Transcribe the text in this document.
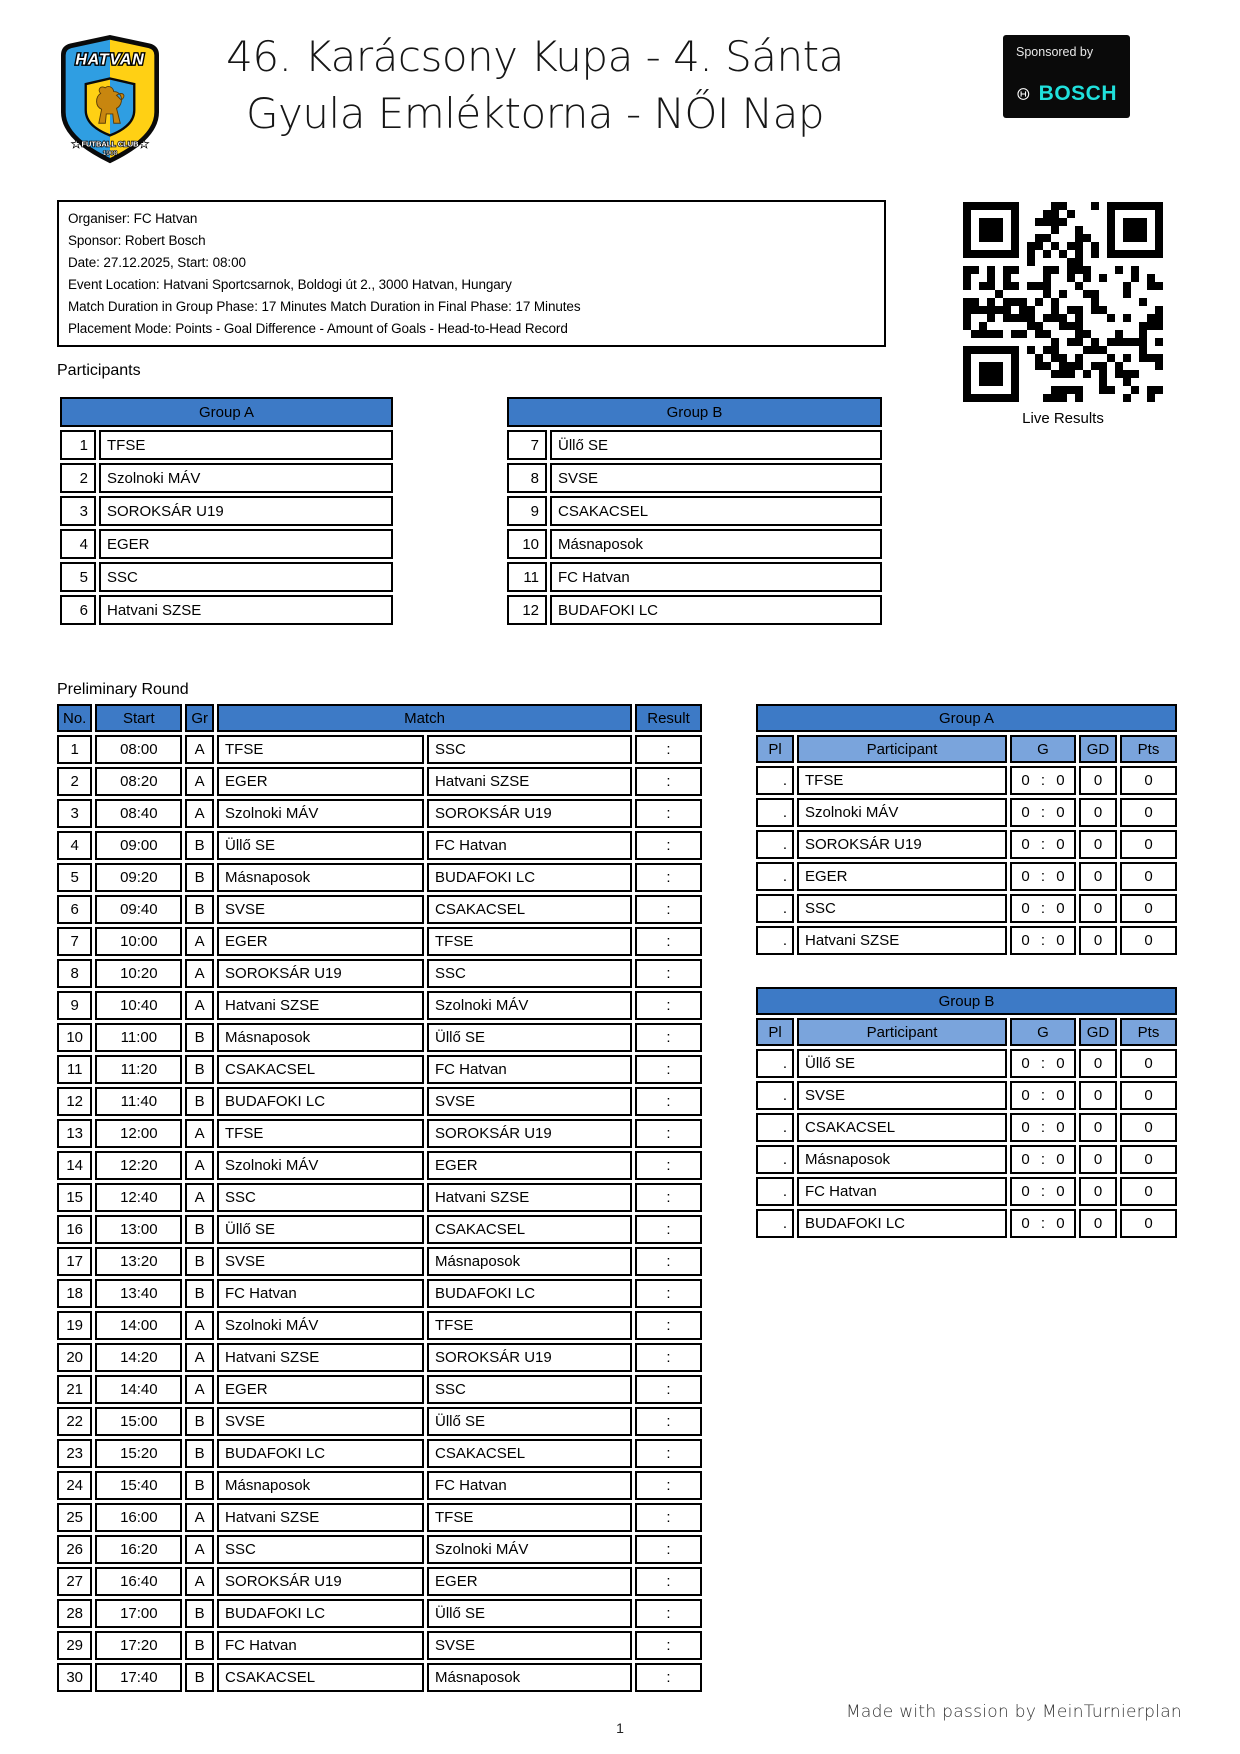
HATVAN
★ FUTBALL CLUB ★
1908
46. Karácsony Kupa - 4. Sánta
Gyula Emléktorna - NŐI Nap
Sponsored by
BOSCH
Organiser: FC Hatvan
Sponsor: Robert Bosch
Date: 27.12.2025, Start: 08:00
Event Location: Hatvani Sportcsarnok, Boldogi út 2., 3000 Hatvan, Hungary
Match Duration in Group Phase: 17 Minutes Match Duration in Final Phase: 17 Minutes
Placement Mode: Points - Goal Difference - Amount of Goals - Head-to-Head Record
Live Results
Participants
Group A	
1	TFSE
2	Szolnoki MÁV
3	SOROKSÁR U19
4	EGER
5	SSC
6	Hatvani SZSE
Group B	
7	Üllő SE
8	SVSE
9	CSAKACSEL
10	Másnaposok
11	FC Hatvan
12	BUDAFOKI LC
Preliminary Round
No.	Start	Gr	Match		Result
1	08:00	A	TFSE	SSC	:
2	08:20	A	EGER	Hatvani SZSE	:
3	08:40	A	Szolnoki MÁV	SOROKSÁR U19	:
4	09:00	B	Üllő SE	FC Hatvan	:
5	09:20	B	Másnaposok	BUDAFOKI LC	:
6	09:40	B	SVSE	CSAKACSEL	:
7	10:00	A	EGER	TFSE	:
8	10:20	A	SOROKSÁR U19	SSC	:
9	10:40	A	Hatvani SZSE	Szolnoki MÁV	:
10	11:00	B	Másnaposok	Üllő SE	:
11	11:20	B	CSAKACSEL	FC Hatvan	:
12	11:40	B	BUDAFOKI LC	SVSE	:
13	12:00	A	TFSE	SOROKSÁR U19	:
14	12:20	A	Szolnoki MÁV	EGER	:
15	12:40	A	SSC	Hatvani SZSE	:
16	13:00	B	Üllő SE	CSAKACSEL	:
17	13:20	B	SVSE	Másnaposok	:
18	13:40	B	FC Hatvan	BUDAFOKI LC	:
19	14:00	A	Szolnoki MÁV	TFSE	:
20	14:20	A	Hatvani SZSE	SOROKSÁR U19	:
21	14:40	A	EGER	SSC	:
22	15:00	B	SVSE	Üllő SE	:
23	15:20	B	BUDAFOKI LC	CSAKACSEL	:
24	15:40	B	Másnaposok	FC Hatvan	:
25	16:00	A	Hatvani SZSE	TFSE	:
26	16:20	A	SSC	Szolnoki MÁV	:
27	16:40	A	SOROKSÁR U19	EGER	:
28	17:00	B	BUDAFOKI LC	Üllő SE	:
29	17:20	B	FC Hatvan	SVSE	:
30	17:40	B	CSAKACSEL	Másnaposok	:
Group A				
Pl	Participant	G	GD	Pts
.	TFSE	0 : 0	0	0
.	Szolnoki MÁV	0 : 0	0	0
.	SOROKSÁR U19	0 : 0	0	0
.	EGER	0 : 0	0	0
.	SSC	0 : 0	0	0
.	Hatvani SZSE	0 : 0	0	0
Group B				
Pl	Participant	G	GD	Pts
.	Üllő SE	0 : 0	0	0
.	SVSE	0 : 0	0	0
.	CSAKACSEL	0 : 0	0	0
.	Másnaposok	0 : 0	0	0
.	FC Hatvan	0 : 0	0	0
.	BUDAFOKI LC	0 : 0	0	0
1
Made with passion by MeinTurnierplan
